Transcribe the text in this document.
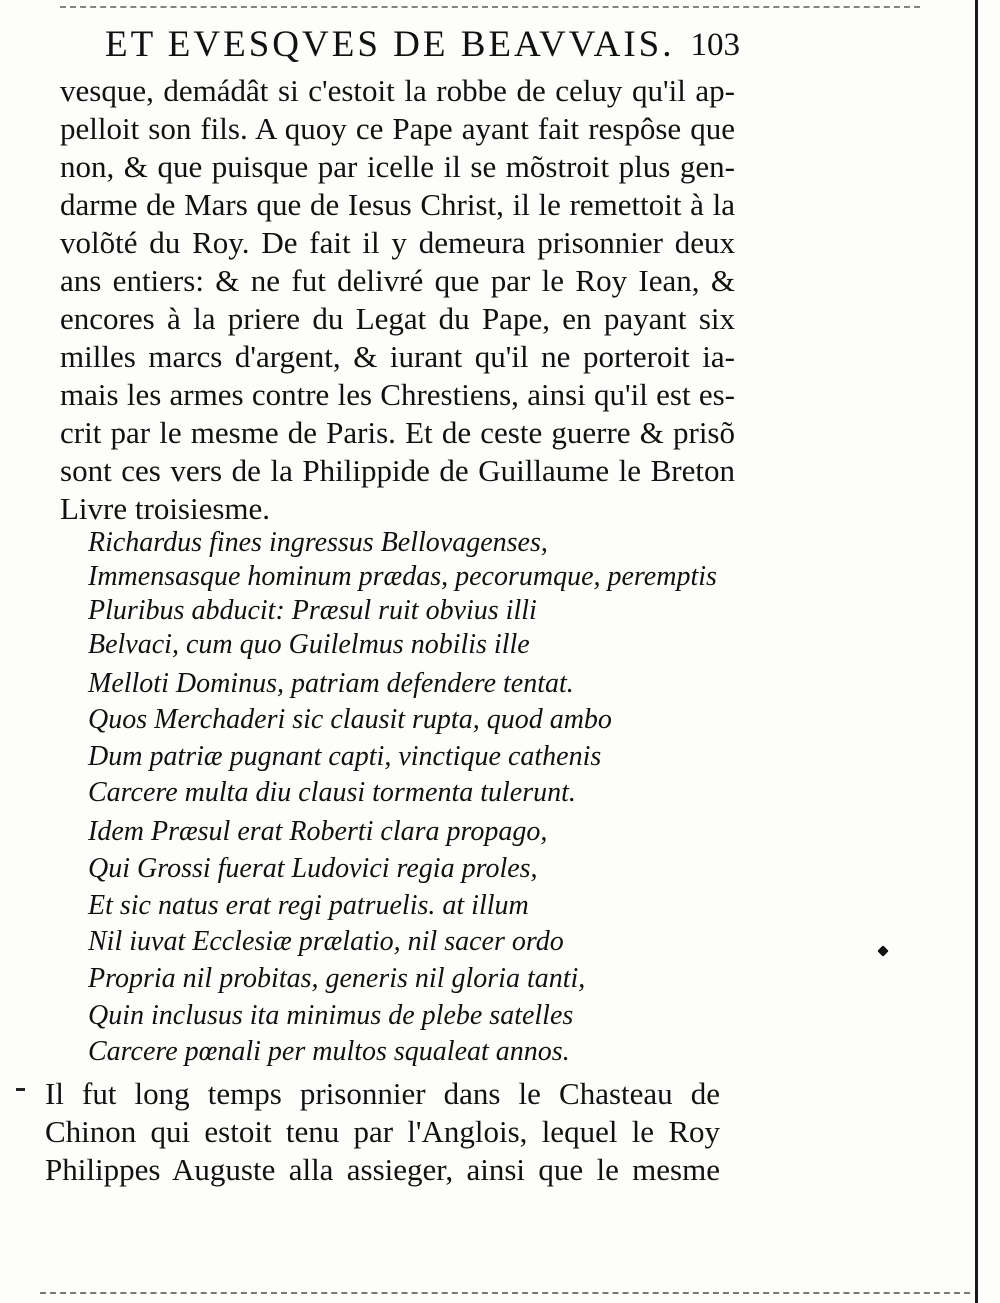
ET EVESQVES DE BEAVVAIS. 103
vesque, demádât si c'estoit la robbe de celuy qu'il ap-
pelloit son fils. A quoy ce Pape ayant fait respôse que
non, & que puisque par icelle il se mõstroit plus gen-
darme de Mars que de Iesus Christ, il le remettoit à la
volõté du Roy. De fait il y demeura prisonnier deux
ans entiers: & ne fut delivré que par le Roy Iean, &
encores à la priere du Legat du Pape, en payant six
milles marcs d'argent, & iurant qu'il ne porteroit ia-
mais les armes contre les Chrestiens, ainsi qu'il est es-
crit par le mesme de Paris. Et de ceste guerre & prisõ
sont ces vers de la Philippide de Guillaume le Breton
Livre troisiesme.
Richardus fines ingressus Bellovagenses,
Immensasque hominum prædas, pecorumque, peremptis
Pluribus abducit: Præsul ruit obvius illi
Belvaci, cum quo Guilelmus nobilis ille
Melloti Dominus, patriam defendere tentat.
Quos Merchaderi sic clausit rupta, quod ambo
Dum patriæ pugnant capti, vinctique cathenis
Carcere multa diu clausi tormenta tulerunt.
Idem Præsul erat Roberti clara propago,
Qui Grossi fuerat Ludovici regia proles,
Et sic natus erat regi patruelis. at illum
Nil iuvat Ecclesiæ prælatio, nil sacer ordo
Propria nil probitas, generis nil gloria tanti,
Quin inclusus ita minimus de plebe satelles
Carcere pœnali per multos squaleat annos.
Il fut long temps prisonnier dans le Chasteau de
Chinon qui estoit tenu par l'Anglois, lequel le Roy
Philippes Auguste alla assieger, ainsi que le mesme
